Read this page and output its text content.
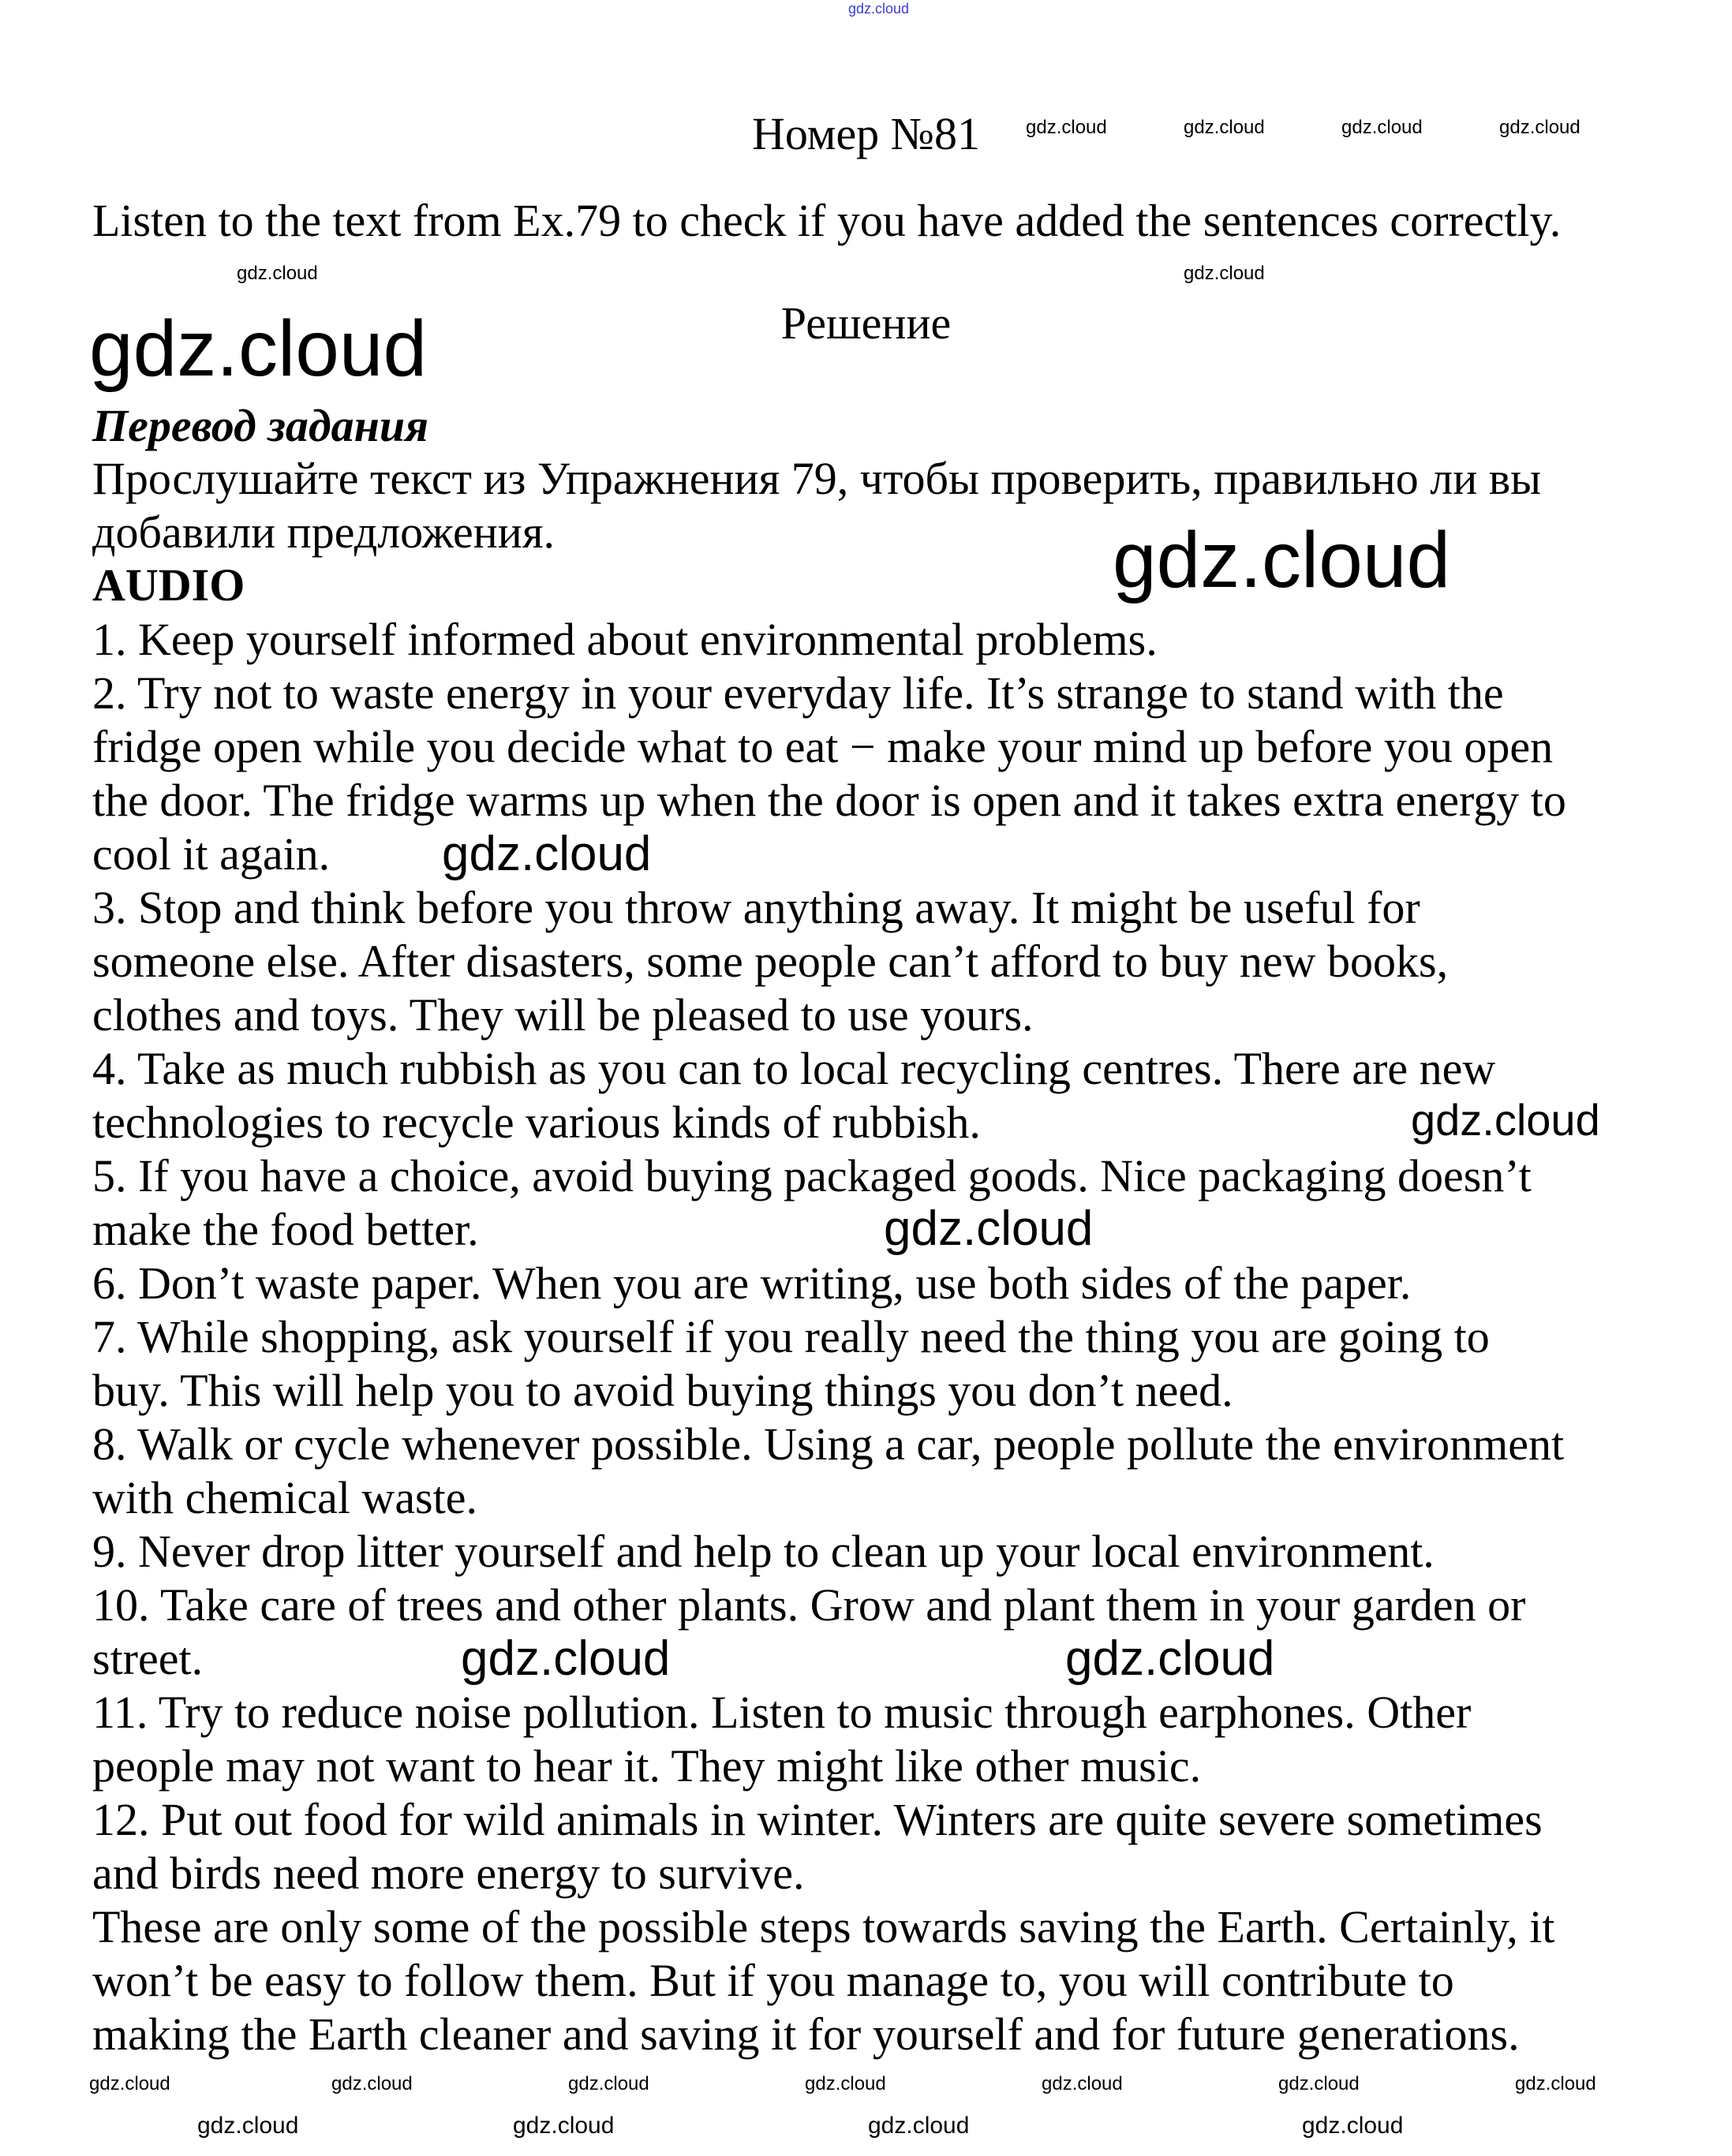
Номер №81
Listen to the text from Ex.79 to check if you have added the sentences correctly.
Решение
Перевод задания
Прослушайте текст из Упражнения 79, чтобы проверить, правильно ли вы
добавили предложения.
AUDIO
1. Keep yourself informed about environmental problems.
2. Try not to waste energy in your everyday life. It’s strange to stand with the
fridge open while you decide what to eat − make your mind up before you open
the door. The fridge warms up when the door is open and it takes extra energy to
cool it again.
3. Stop and think before you throw anything away. It might be useful for
someone else. After disasters, some people can’t afford to buy new books,
clothes and toys. They will be pleased to use yours.
4. Take as much rubbish as you can to local recycling centres. There are new
technologies to recycle various kinds of rubbish.
5. If you have a choice, avoid buying packaged goods. Nice packaging doesn’t
make the food better.
6. Don’t waste paper. When you are writing, use both sides of the paper.
7. While shopping, ask yourself if you really need the thing you are going to
buy. This will help you to avoid buying things you don’t need.
8. Walk or cycle whenever possible. Using a car, people pollute the environment
with chemical waste.
9. Never drop litter yourself and help to clean up your local environment.
10. Take care of trees and other plants. Grow and plant them in your garden or
street.
11. Try to reduce noise pollution. Listen to music through earphones. Other
people may not want to hear it. They might like other music.
12. Put out food for wild animals in winter. Winters are quite severe sometimes
and birds need more energy to survive.
These are only some of the possible steps towards saving the Earth. Certainly, it
won’t be easy to follow them. But if you manage to, you will contribute to
making the Earth cleaner and saving it for yourself and for future generations.
gdz.cloud
gdz.cloud	gdz.cloud	gdz.cloud	gdz.cloud
gdz.cloud
gdz.cloud
gdz.cloud
gdz.cloud
gdz.cloud
gdz.cloud	gdz.cloud
gdz.cloud	gdz.cloud
gdz.cloud	gdz.cloud	gdz.cloud	gdz.cloud	gdz.cloud	gdz.cloud	gdz.cloud
gdz.cloud	gdz.cloud	gdz.cloud	gdz.cloud
